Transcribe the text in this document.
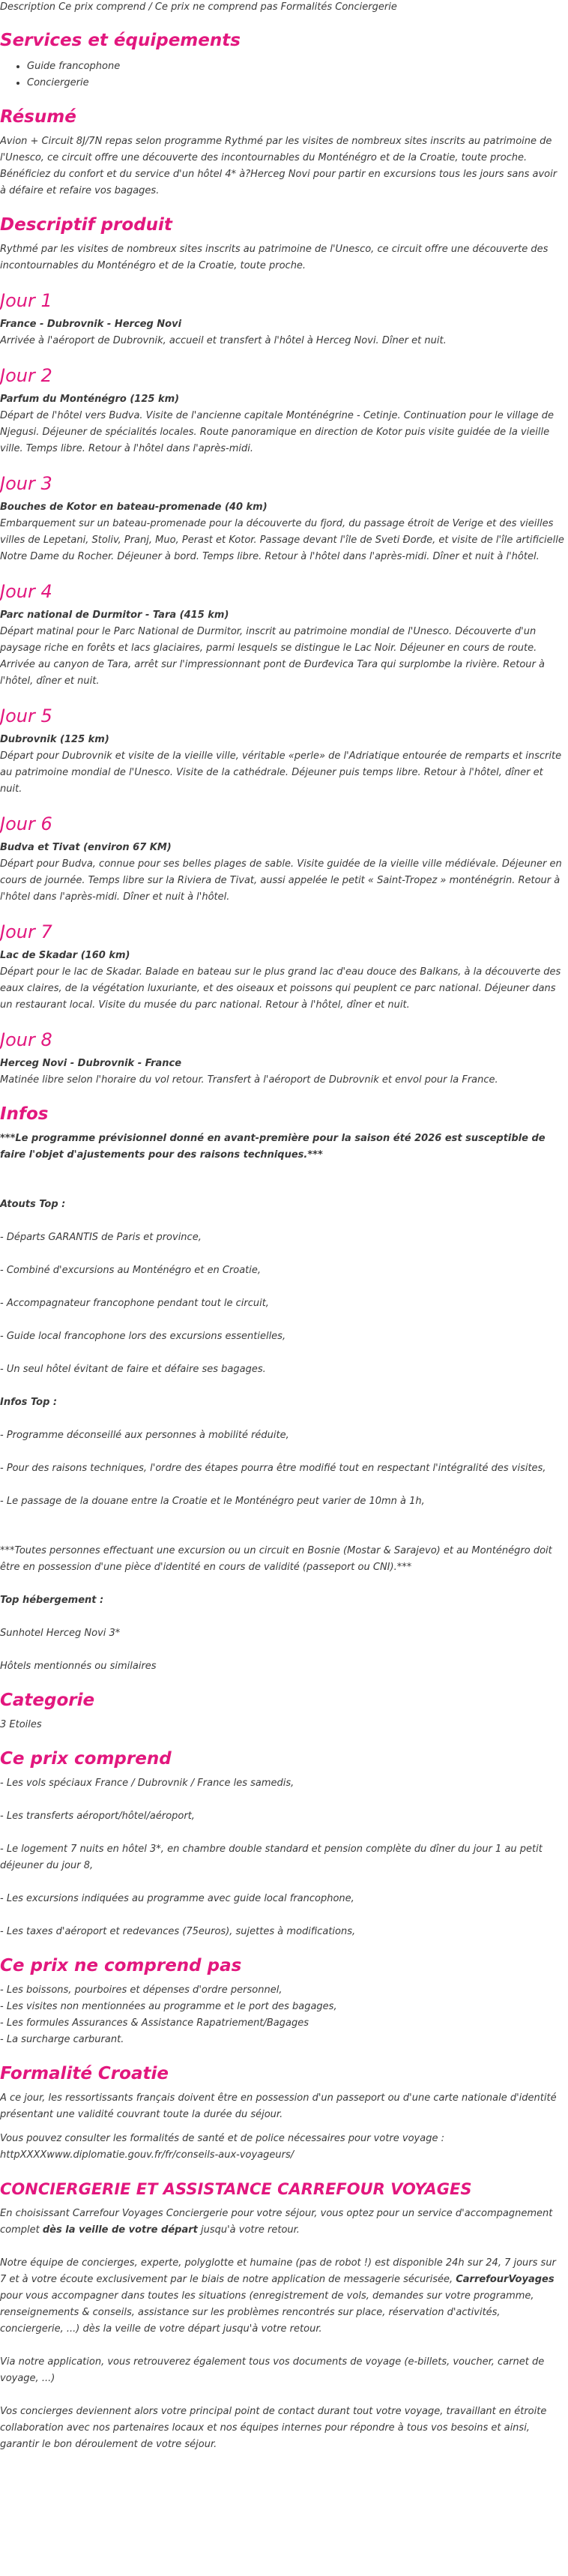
Description Ce prix comprend / Ce prix ne comprend pas Formalités Conciergerie

Services et équipements
• Guide francophone
• Conciergerie
Résumé

Avion + Circuit 8J/7N repas selon programme Rythmé par les visites de nombreux sites inscrits au patrimoine de l'Unesco, ce circuit offre une découverte des incontournables du Monténégro et de la Croatie, toute proche. Bénéficiez du confort et du service d'un hôtel 4* à?Herceg Novi pour partir en excursions tous les jours sans avoir à défaire et refaire vos bagages.

Descriptif produit

Rythmé par les visites de nombreux sites inscrits au patrimoine de l'Unesco, ce circuit offre une découverte des incontournables du Monténégro et de la Croatie, toute proche.

Jour 1

France - Dubrovnik - Herceg Novi

Arrivée à l'aéroport de Dubrovnik, accueil et transfert à l'hôtel à Herceg Novi. Dîner et nuit.

Jour 2

Parfum du Monténégro (125 km)

Départ de l'hôtel vers Budva. Visite de l'ancienne capitale Monténégrine - Cetinje. Continuation pour le village de Njegusi. Déjeuner de spécialités locales. Route panoramique en direction de Kotor puis visite guidée de la vieille ville. Temps libre. Retour à l'hôtel dans l'après-midi.

Jour 3

Bouches de Kotor en bateau-promenade (40 km)

Embarquement sur un bateau-promenade pour la découverte du fjord, du passage étroit de Verige et des vieilles villes de Lepetani, Stoliv, Pranj, Muo, Perast et Kotor. Passage devant l'île de Sveti Đorđe, et visite de l'île artificielle Notre Dame du Rocher. Déjeuner à bord. Temps libre. Retour à l'hôtel dans l'après-midi. Dîner et nuit à l'hôtel.

Jour 4

Parc national de Durmitor - Tara (415 km)

Départ matinal pour le Parc National de Durmitor, inscrit au patrimoine mondial de l'Unesco. Découverte d'un paysage riche en forêts et lacs glaciaires, parmi lesquels se distingue le Lac Noir. Déjeuner en cours de route. Arrivée au canyon de Tara, arrêt sur l'impressionnant pont de Đurđevica Tara qui surplombe la rivière. Retour à l'hôtel, dîner et nuit.

Jour 5

Dubrovnik (125 km)

Départ pour Dubrovnik et visite de la vieille ville, véritable «perle» de l'Adriatique entourée de remparts et inscrite au patrimoine mondial de l'Unesco. Visite de la cathédrale. Déjeuner puis temps libre. Retour à l'hôtel, dîner et nuit.

Jour 6

Budva et Tivat (environ 67 KM)

Départ pour Budva, connue pour ses belles plages de sable. Visite guidée de la vieille ville médiévale. Déjeuner en cours de journée. Temps libre sur la Riviera de Tivat, aussi appelée le petit « Saint-Tropez » monténégrin. Retour à l'hôtel dans l'après-midi. Dîner et nuit à l'hôtel.

Jour 7

Lac de Skadar (160 km)

Départ pour le lac de Skadar. Balade en bateau sur le plus grand lac d'eau douce des Balkans, à la découverte des eaux claires, de la végétation luxuriante, et des oiseaux et poissons qui peuplent ce parc national. Déjeuner dans un restaurant local. Visite du musée du parc national. Retour à l'hôtel, dîner et nuit.

Jour 8

Herceg Novi - Dubrovnik - France

Matinée libre selon l'horaire du vol retour. Transfert à l'aéroport de Dubrovnik et envol pour la France.

Infos

***Le programme prévisionnel donné en avant-première pour la saison été 2026 est susceptible de faire l'objet d'ajustements pour des raisons techniques.***

Atouts Top :

- Départs GARANTIS de Paris et province,

- Combiné d'excursions au Monténégro et en Croatie,

- Accompagnateur francophone pendant tout le circuit,

- Guide local francophone lors des excursions essentielles,

- Un seul hôtel évitant de faire et défaire ses bagages.

Infos Top :

- Programme déconseillé aux personnes à mobilité réduite,

- Pour des raisons techniques, l'ordre des étapes pourra être modifié tout en respectant l'intégralité des visites,

- Le passage de la douane entre la Croatie et le Monténégro peut varier de 10mn à 1h,

***Toutes personnes effectuant une excursion ou un circuit en Bosnie (Mostar & Sarajevo) et au Monténégro doit être en possession d'une pièce d'identité en cours de validité (passeport ou CNI).***

Top hébergement :

Sunhotel Herceg Novi 3*

Hôtels mentionnés ou similaires

Categorie

3 Etoiles

Ce prix comprend

- Les vols spéciaux France / Dubrovnik / France les samedis,

- Les transferts aéroport/hôtel/aéroport,

- Le logement 7 nuits en hôtel 3*, en chambre double standard et pension complète du dîner du jour 1 au petit déjeuner du jour 8,

- Les excursions indiquées au programme avec guide local francophone,

- Les taxes d'aéroport et redevances (75euros), sujettes à modifications,

Ce prix ne comprend pas

- Les boissons, pourboires et dépenses d'ordre personnel,

- Les visites non mentionnées au programme et le port des bagages,

- Les formules Assurances & Assistance Rapatriement/Bagages

- La surcharge carburant.

Formalité Croatie

A ce jour, les ressortissants français doivent être en possession d'un passeport ou d'une carte nationale d'identité présentant une validité couvrant toute la durée du séjour.

Vous pouvez consulter les formalités de santé et de police nécessaires pour votre voyage : httpXXXXwww.diplomatie.gouv.fr/fr/conseils-aux-voyageurs/

CONCIERGERIE ET ASSISTANCE CARREFOUR VOYAGES

En choisissant Carrefour Voyages Conciergerie pour votre séjour, vous optez pour un service d'accompagnement complet dès la veille de votre départ jusqu'à votre retour.

Notre équipe de concierges, experte, polyglotte et humaine (pas de robot !) est disponible 24h sur 24, 7 jours sur 7 et à votre écoute exclusivement par le biais de notre application de messagerie sécurisée, CarrefourVoyages pour vous accompagner dans toutes les situations (enregistrement de vols, demandes sur votre programme, renseignements & conseils, assistance sur les problèmes rencontrés sur place, réservation d'activités, conciergerie, ...) dès la veille de votre départ jusqu'à votre retour.

Via notre application, vous retrouverez également tous vos documents de voyage (e-billets, voucher, carnet de voyage, ...)

Vos concierges deviennent alors votre principal point de contact durant tout votre voyage, travaillant en étroite collaboration avec nos partenaires locaux et nos équipes internes pour répondre à tous vos besoins et ainsi, garantir le bon déroulement de votre séjour.
